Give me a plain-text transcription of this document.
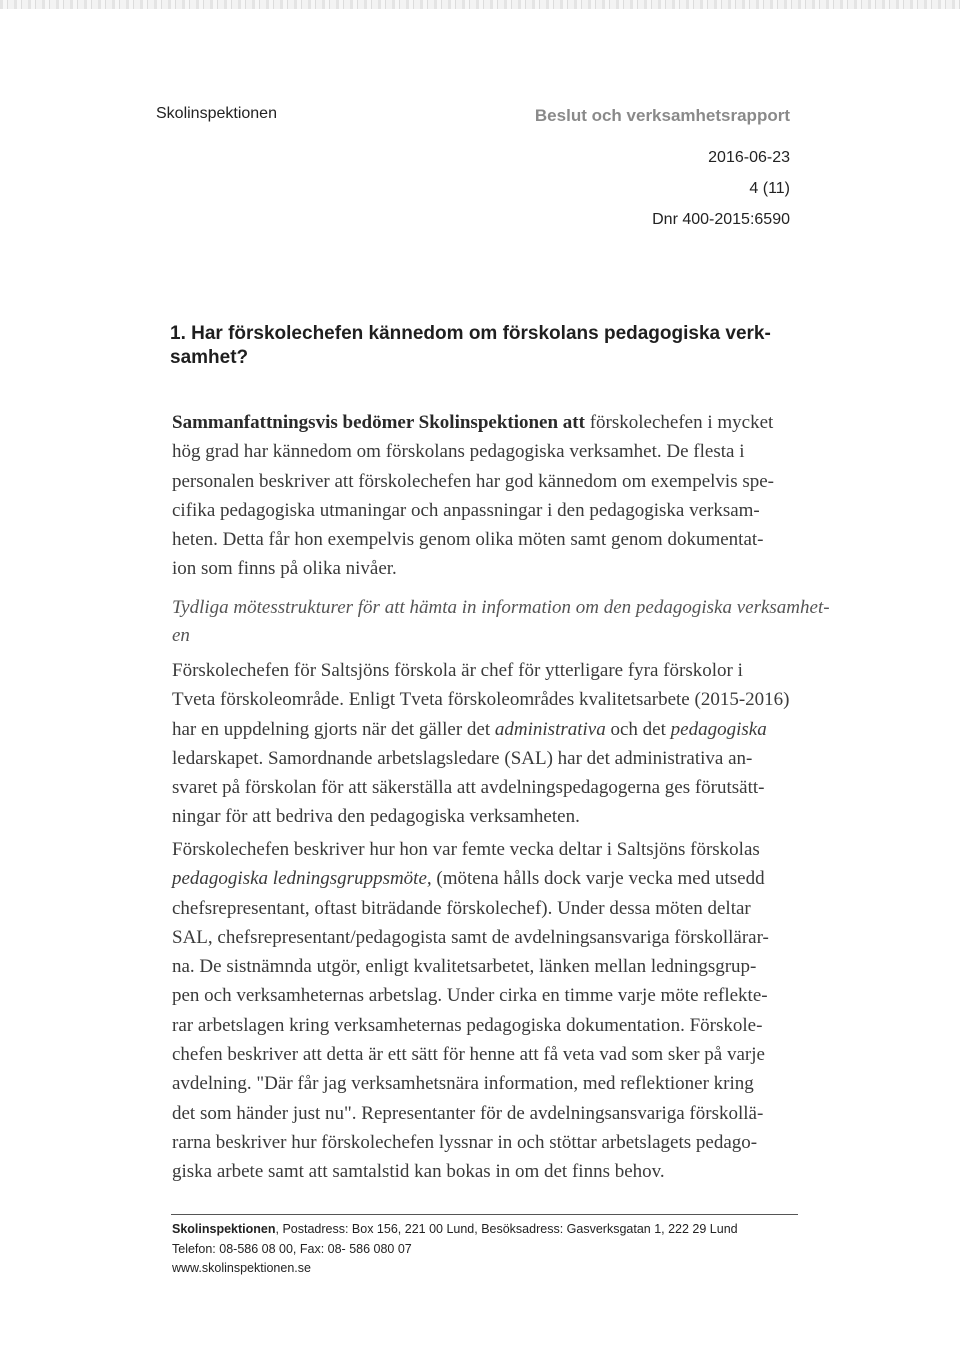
Skolinspektionen	Beslut och verksamhetsrapport
2016-06-23
4 (11)
Dnr 400-2015:6590
1. Har förskolechefen kännedom om förskolans pedagogiska verk-
samhet?
Sammanfattningsvis bedömer Skolinspektionen att förskolechefen i mycket
hög grad har kännedom om förskolans pedagogiska verksamhet. De flesta i
personalen beskriver att förskolechefen har god kännedom om exempelvis spe-
cifika pedagogiska utmaningar och anpassningar i den pedagogiska verksam-
heten. Detta får hon exempelvis genom olika möten samt genom dokumentat-
ion som finns på olika nivåer.
Tydliga mötesstrukturer för att hämta in information om den pedagogiska verksamhet-
en
Förskolechefen för Saltsjöns förskola är chef för ytterligare fyra förskolor i
Tveta förskoleområde. Enligt Tveta förskoleområdes kvalitetsarbete (2015-2016)
har en uppdelning gjorts när det gäller det administrativa och det pedagogiska
ledarskapet. Samordnande arbetslagsledare (SAL) har det administrativa an-
svaret på förskolan för att säkerställa att avdelningspedagogerna ges förutsätt-
ningar för att bedriva den pedagogiska verksamheten.
Förskolechefen beskriver hur hon var femte vecka deltar i Saltsjöns förskolas
pedagogiska ledningsgruppsmöte, (mötena hålls dock varje vecka med utsedd
chefsrepresentant, oftast biträdande förskolechef). Under dessa möten deltar
SAL, chefsrepresentant/pedagogista samt de avdelningsansvariga förskollärar-
na. De sistnämnda utgör, enligt kvalitetsarbetet, länken mellan ledningsgrup-
pen och verksamheternas arbetslag. Under cirka en timme varje möte reflekte-
rar arbetslagen kring verksamheternas pedagogiska dokumentation. Förskole-
chefen beskriver att detta är ett sätt för henne att få veta vad som sker på varje
avdelning. "Där får jag verksamhetsnära information, med reflektioner kring
det som händer just nu". Representanter för de avdelningsansvariga förskollä-
rarna beskriver hur förskolechefen lyssnar in och stöttar arbetslagets pedago-
giska arbete samt att samtalstid kan bokas in om det finns behov.
Skolinspektionen, Postadress: Box 156, 221 00 Lund, Besöksadress: Gasverksgatan 1, 222 29 Lund
Telefon: 08-586 08 00, Fax: 08- 586 080 07
www.skolinspektionen.se
